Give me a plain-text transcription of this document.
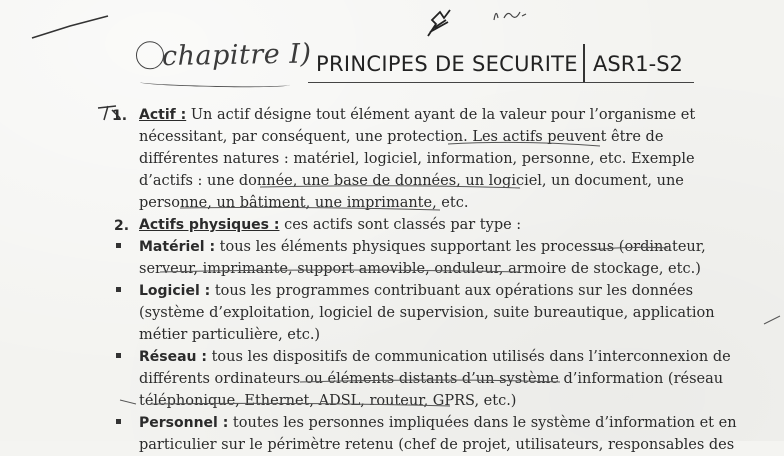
chapitre I) PRINCIPES DE SECURITE ASR1-S2
1. Actif : Un actif désigne tout élément ayant de la valeur pour l’organisme et
nécessitant, par conséquent, une protection. Les actifs peuvent être de
différentes natures : matériel, logiciel, information, personne, etc. Exemple
d’actifs : une donnée, une base de données, un logiciel, un document, une
personne, un bâtiment, une imprimante, etc.
2. Actifs physiques : ces actifs sont classés par type :
Matériel : tous les éléments physiques supportant les processus (ordinateur,
serveur, imprimante, support amovible, onduleur, armoire de stockage, etc.)
Logiciel : tous les programmes contribuant aux opérations sur les données
(système d’exploitation, logiciel de supervision, suite bureautique, application
métier particulière, etc.)
Réseau : tous les dispositifs de communication utilisés dans l’interconnexion de
différents ordinateurs ou éléments distants d’un système d’information (réseau
téléphonique, Ethernet, ADSL, routeur, GPRS, etc.)
Personnel : toutes les personnes impliquées dans le système d’information et en
particulier sur le périmètre retenu (chef de projet, utilisateurs, responsables des
